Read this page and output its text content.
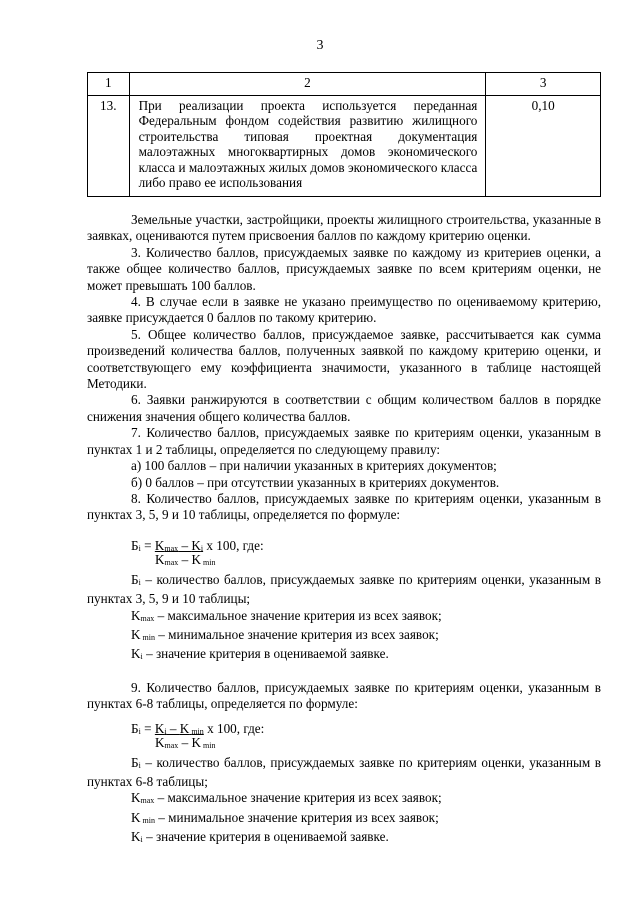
3
1	2	3
13.	При реализации проекта используется переданная Федеральным фондом содействия развитию жилищного строительства типовая проектная документация малоэтажных многоквартирных домов экономического класса и малоэтажных жилых домов экономического класса либо право ее использования	0,10

Земельные участки, застройщики, проекты жилищного строительства, указанные в заявках, оцениваются путем присвоения баллов по каждому критерию оценки.

3. Количество баллов, присуждаемых заявке по каждому из критериев оценки, а также общее количество баллов, присуждаемых заявке по всем критериям оценки, не может превышать 100 баллов.

4. В случае если в заявке не указано преимущество по оцениваемому критерию, заявке присуждается 0 баллов по такому критерию.

5. Общее количество баллов, присуждаемое заявке, рассчитывается как сумма произведений количества баллов, полученных заявкой по каждому критерию оценки, и соответствующего ему коэффициента значимости, указанного в таблице настоящей Методики.

6. Заявки ранжируются в соответствии с общим количеством баллов в порядке снижения значения общего количества баллов.

7. Количество баллов, присуждаемых заявке по критериям оценки, указанным в пунктах 1 и 2 таблицы, определяется по следующему правилу:

а) 100 баллов – при наличии указанных в критериях документов;

б) 0 баллов – при отсутствии указанных в критериях документов.

8. Количество баллов, присуждаемых заявке по критериям оценки, указанным в пунктах 3, 5, 9 и 10 таблицы, определяется по формуле:

$Б_i = K_{max} - K_i$ x 100, где:
$K_{max}$ – K $_{min}$

$Б_i$ – количество баллов, присуждаемых заявке по критериям оценки, указанным в пунктах 3, 5, 9 и 10 таблицы;

$K_{max}$ – максимальное значение критерия из всех заявок;

K $_{min}$ – минимальное значение критерия из всех заявок;

$K_i$ – значение критерия в оцениваемой заявке.

9. Количество баллов, присуждаемых заявке по критериям оценки, указанным в пунктах 6-8 таблицы, определяется по формуле:

$Б_i = K_i - K$ $_{min}$ x 100, где:
$K_{max}$ – K $_{min}$

$Б_i$ – количество баллов, присуждаемых заявке по критериям оценки, указанным в пунктах 6-8 таблицы;

$K_{max}$ – максимальное значение критерия из всех заявок;

K $_{min}$ – минимальное значение критерия из всех заявок;

$K_i$ – значение критерия в оцениваемой заявке.
